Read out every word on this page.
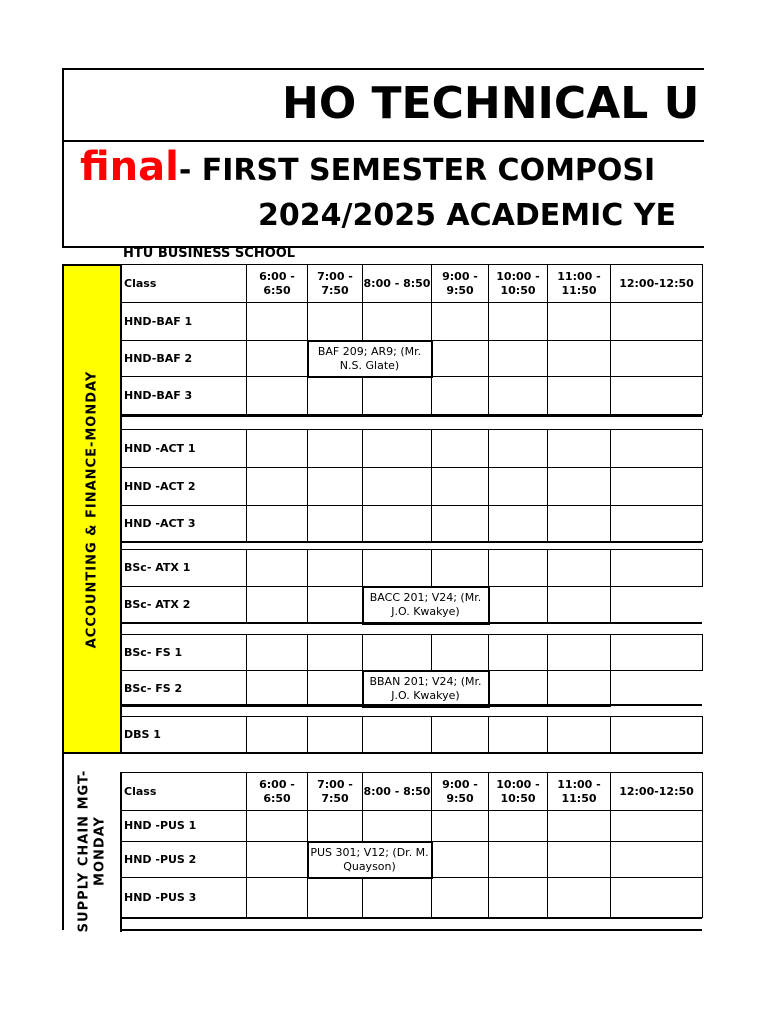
HO TECHNICAL U
final- FIRST SEMESTER COMPOSI
2024/2025 ACADEMIC YE
HTU BUSINESS SCHOOL
ACCOUNTING & FINANCE-MONDAY
Class	6:00 - 6:50	7:00 - 7:50	8:00 - 8:50	9:00 - 9:50	10:00 - 10:50	11:00 - 11:50	12:00-12:50
HND-BAF 1							
HND-BAF 2		BAF 209; AR9; (Mr. N.S. Glate)					
HND-BAF 3							
HND -ACT 1							
HND -ACT 2							
HND -ACT 3							
BSc- ATX 1							
BSc- ATX 2			BACC 201; V24; (Mr. J.O. Kwakye)				
BSc- FS 1							
BSc- FS 2			BBAN 201; V24; (Mr. J.O. Kwakye)				
DBS 1							
SUPPLY CHAIN MGT-
MONDAY
Class	6:00 - 6:50	7:00 - 7:50	8:00 - 8:50	9:00 - 9:50	10:00 - 10:50	11:00 - 11:50	12:00-12:50
HND -PUS 1							
HND -PUS 2		PUS 301; V12; (Dr. M. Quayson)					
HND -PUS 3							
